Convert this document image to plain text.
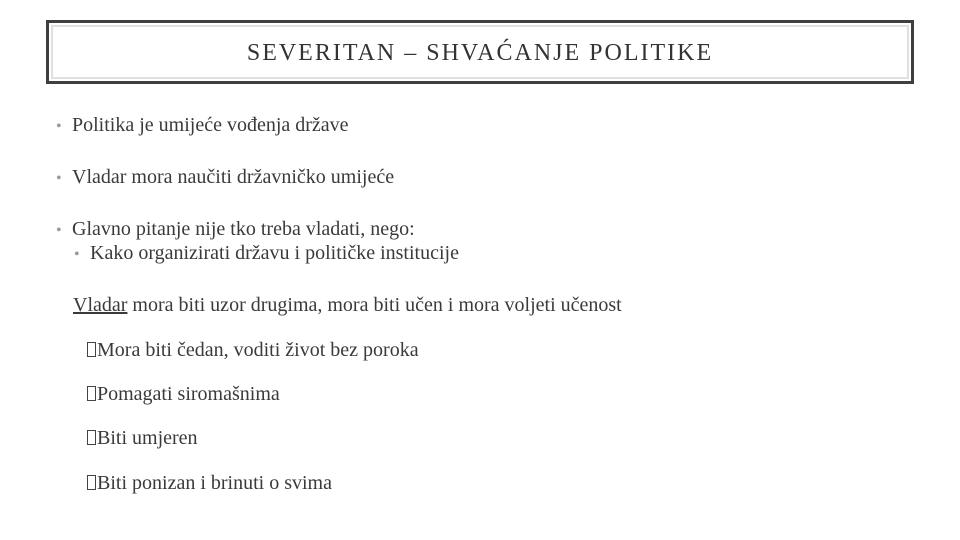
SEVERITAN – SHVAĆANJE POLITIKE
• Politika je umijeće vođenja države
• Vladar mora naučiti državničko umijeće
• Glavno pitanje nije tko treba vladati, nego:
• Kako organizirati državu i političke institucije
Vladar mora biti uzor drugima, mora biti učen i mora voljeti učenost
Mora biti čedan, voditi život bez poroka
Pomagati siromašnima
Biti umjeren
Biti ponizan i brinuti o svima
